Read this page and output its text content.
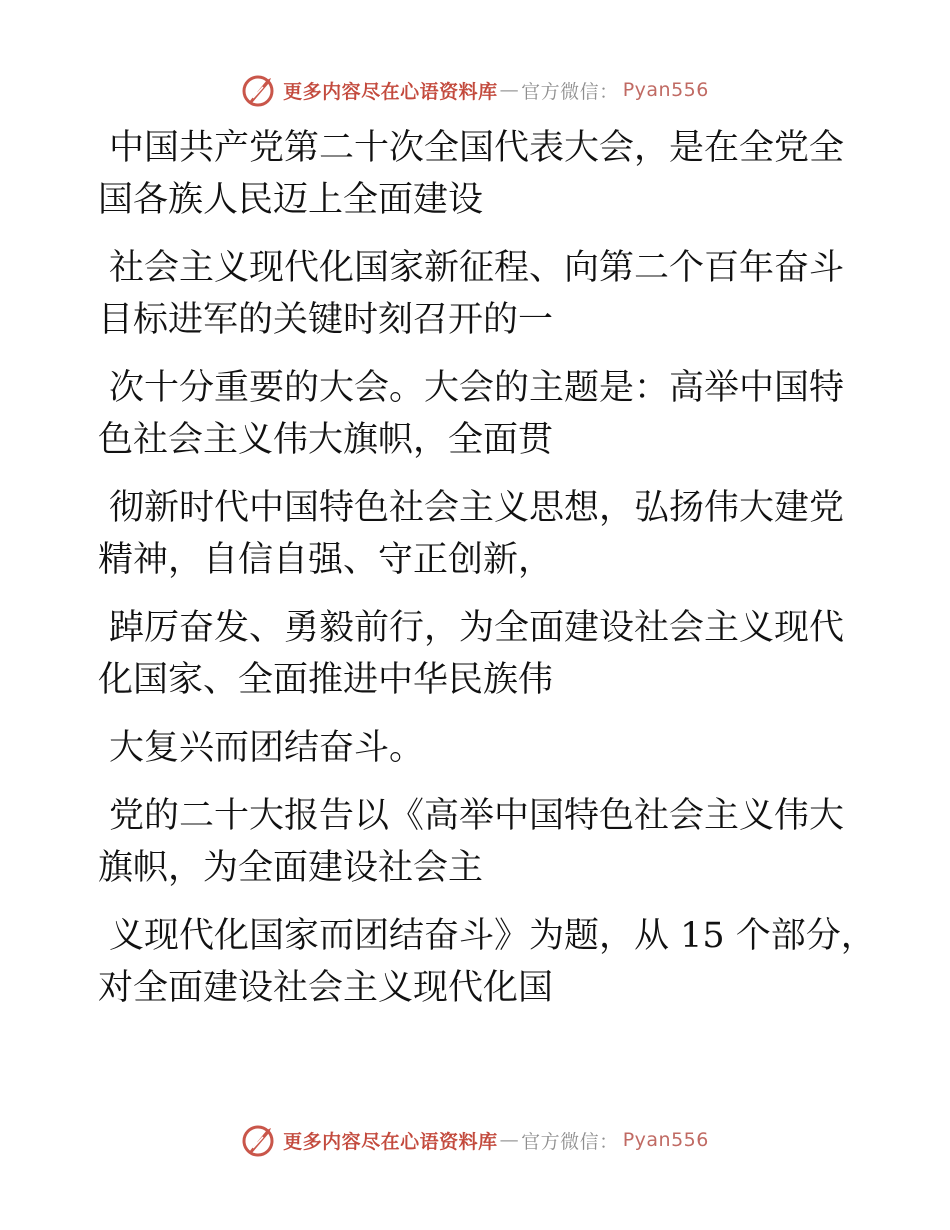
更多内容尽在心语资料库 — 官方微信： Pyan556

中国共产党第二十次全国代表大会，是在全党全
国各族人民迈上全面建设

社会主义现代化国家新征程、向第二个百年奋斗
目标进军的关键时刻召开的一

次十分重要的大会。大会的主题是：高举中国特
色社会主义伟大旗帜，全面贯

彻新时代中国特色社会主义思想，弘扬伟大建党
精神，自信自强、守正创新，

踔厉奋发、勇毅前行，为全面建设社会主义现代
化国家、全面推进中华民族伟

大复兴而团结奋斗。

党的二十大报告以《高举中国特色社会主义伟大
旗帜，为全面建设社会主

义现代化国家而团结奋斗》为题，从 15 个部分，
对全面建设社会主义现代化国

更多内容尽在心语资料库 — 官方微信： Pyan556
